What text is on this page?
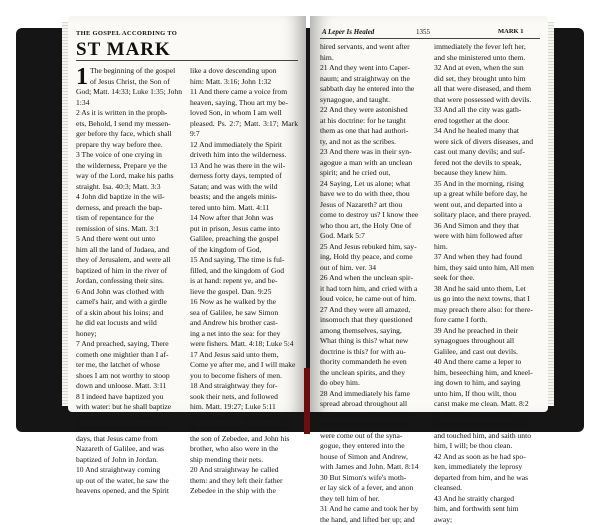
THE GOSPEL ACCORDING TO
ST MARK
1 The beginning of the gospel

of Jesus Christ, the Son of

God; Matt. 14:33; Luke 1:35; John 1:34

2 As it is written in the proph-

ets, Behold, I send my messen-

ger before thy face, which shall

prepare thy way before thee.

3 The voice of one crying in

the wilderness, Prepare ye the

way of the Lord, make his paths

straight. Isa. 40:3; Matt. 3:3

4 John did baptize in the wil-

derness, and preach the bap-

tism of repentance for the

remission of sins. Matt. 3:1

5 And there went out unto

him all the land of Judaea, and

they of Jerusalem, and were all

baptized of him in the river of

Jordan, confessing their sins.

6 And John was clothed with

camel's hair, and with a girdle

of a skin about his loins; and

he did eat locusts and wild

honey;

7 And preached, saying, There

cometh one mightier than I af-

ter me, the latchet of whose

shoes I am not worthy to stoop

down and unloose. Matt. 3:11

8 I indeed have baptized you

with water: but he shall baptize

you with the Holy Ghost.

9 And it came to pass in those

days, that Jesus came from

Nazareth of Galilee, and was

baptized of John in Jordan.

10 And straightway coming

up out of the water, he saw the

heavens opened, and the Spirit

like a dove descending upon

him: Matt. 3:16; John 1:32

11 And there came a voice from

heaven, saying, Thou art my be-

loved Son, in whom I am well

pleased. Ps. 2:7; Matt. 3:17; Mark 9:7

12 And immediately the Spirit

driveth him into the wilderness.

13 And he was there in the wil-

derness forty days, tempted of

Satan; and was with the wild

beasts; and the angels minis-

tered unto him. Matt. 4:11

14 Now after that John was

put in prison, Jesus came into

Galilee, preaching the gospel

of the kingdom of God,

15 And saying, The time is ful-

filled, and the kingdom of God

is at hand: repent ye, and be-

lieve the gospel. Dan. 9:25

16 Now as he walked by the

sea of Galilee, he saw Simon

and Andrew his brother cast-

ing a net into the sea: for they

were fishers. Matt. 4:18; Luke 5:4

17 And Jesus said unto them,

Come ye after me, and I will make

you to become fishers of men.

18 And straightway they for-

sook their nets, and followed

him. Matt. 19:27; Luke 5:11

19 And when he had gone a lit-

tle further thence, he saw James

the son of Zebedee, and John his

brother, who also were in the

ship mending their nets.

20 And straightway he called

them: and they left their father

Zebedee in the ship with the

A Leper Is Healed	1355	MARK 1

hired servants, and went after

him.

21 And they went into Caper-

naum; and straightway on the

sabbath day he entered into the

synagogue, and taught.

22 And they were astonished

at his doctrine: for he taught

them as one that had authori-

ty, and not as the scribes.

23 And there was in their syn-

agogue a man with an unclean

spirit; and he cried out,

24 Saying, Let us alone; what

have we to do with thee, thou

Jesus of Nazareth? art thou

come to destroy us? I know thee

who thou art, the Holy One of

God. Mark 5:7

25 And Jesus rebuked him, say-

ing, Hold thy peace, and come

out of him. ver. 34

26 And when the unclean spir-

it had torn him, and cried with a

loud voice, he came out of him.

27 And they were all amazed,

insomuch that they questioned

among themselves, saying,

What thing is this? what new

doctrine is this? for with au-

thority commandeth he even

the unclean spirits, and they

do obey him.

28 And immediately his fame

spread abroad throughout all

the region round about Galilee.

29 And forthwith, when they

were come out of the syna-

gogue, they entered into the

house of Simon and Andrew,

with James and John. Matt. 8:14

30 But Simon's wife's moth-

er lay sick of a fever, and anon

they tell him of her.

31 And he came and took her by

the hand, and lifted her up; and

immediately the fever left her,

and she ministered unto them.

32 And at even, when the sun

did set, they brought unto him

all that were diseased, and them

that were possessed with devils.

33 And all the city was gath-

ered together at the door.

34 And he healed many that

were sick of divers diseases, and

cast out many devils; and suf-

fered not the devils to speak,

because they knew him.

35 And in the morning, rising

up a great while before day, he

went out, and departed into a

solitary place, and there prayed.

36 And Simon and they that

were with him followed after

him.

37 And when they had found

him, they said unto him, All men

seek for thee.

38 And he said unto them, Let

us go into the next towns, that I

may preach there also: for there-

fore came I forth.

39 And he preached in their

synagogues throughout all

Galilee, and cast out devils.

40 And there came a leper to

him, beseeching him, and kneel-

ing down to him, and saying

unto him, If thou wilt, thou

canst make me clean. Matt. 8:2

41 And Jesus, moved with

compassion, put forth his hand,

and touched him, and saith unto

him, I will; be thou clean.

42 And as soon as he had spo-

ken, immediately the leprosy

departed from him, and he was

cleansed.

43 And he straitly charged

him, and forthwith sent him

away;
